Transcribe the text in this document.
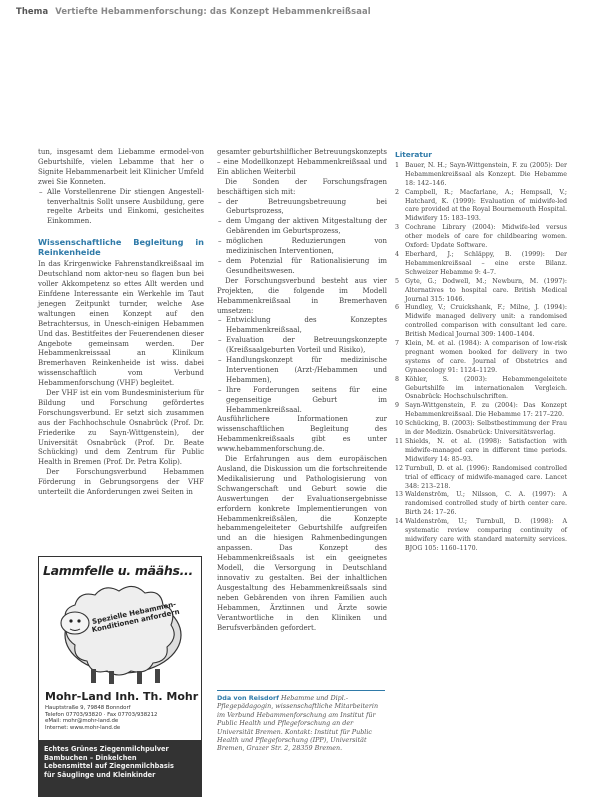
Thema Vertiefte Hebammenforschung: das Konzept Hebammenkreißsaal

tun, insgesamt dem Liebamme ermodel-von Geburtshilfe, vielen Lebamme that her o Signite Hebammenarbeit leit Klinicher Umfeld zwei Sie Konneten.

– Alle Vorstellenrene Dir stiengen Angestell-tenverhaltnis Sollt unsere Ausbildung, gere regelte Arbeits und Einkomi, gesicheites Einkommen.
Wissenschaftliche Begleitung in Reinkenheide

In das Krirgenwicke Fahrenstandkreißsaal im Deutschland nom aktor-neu so flagen bun bei voller Akkompetenz so ettes Allt werden und Einfdene Interessante ein Werkehle im Taut jenegen Zeitpunkt turnder, welche Ase waltungen einen Konzept auf den Betrachtersus, in Unesch-einigen Hebammen Und das. Bestitfeites der Feuerendenen dieser Angebote gemeinsam werden. Der Hebammenkreissaal an Klinikum Bremerhaven Reinkenheide ist wiss. dabei wissenschaftlich vom Verbund Hebammenforschung (VHF) begleitet.

Der VHF ist ein vom Bundesministerium für Bildung und Forschung gefördertes Forschungsverbund. Er setzt sich zusammen aus der Fachhochschule Osnabrück (Prof. Dr. Friederike zu Sayn-Wittgenstein), der Universität Osnabrück (Prof. Dr. Beate Schücking) und dem Zentrum für Public Health in Bremen (Prof. Dr. Petra Kolip).

Der Forschungsverbund Hebammen Förderung in Gebrungsorgens der VHF unterteilt die Anforderungen zwei Seiten in

gesamter geburtshilflicher Betreuungskonzepts – eine Modellkonzept Hebammenkreißsaal und Ein ablichen Weiterbil

Die Sonden der Forschungsfragen beschäftigen sich mit:

– der Betreuungsbetreuung bei Geburtsprozess,
– dem Umgang der aktiven Mitgestaltung der Gebärenden im Geburtsprozess,
– möglichen Reduzierungen von medizinischen Interventionen,
– dem Potenzial für Rationalisierung im Gesundheitswesen.

Der Forschungsverbund besteht aus vier Projekten, die folgende im Modell Hebammenkreißsaal in Bremerhaven umsetzen:

– Entwicklung des Konzeptes Hebammenkreißsaal,
– Evaluation der Betreuungskonzepte (Kreißsaalgeburten Vorteil und Risiko),
– Handlungskonzept für medizinische Interventionen (Arzt-/Hebammen und Hebammen),
– Ihre Forderungen seitens für eine gegenseitige Geburt im Hebammenkreißsaal.

Ausführlichere Informationen zur wissenschaftlichen Begleitung des Hebammenkreißsaals gibt es unter www.hebammenforschung.de.

Die Erfahrungen aus dem europäischen Ausland, die Diskussion um die fortschreitende Medikalisierung und Pathologisierung von Schwangerschaft und Geburt sowie die Auswertungen der Evaluationsergebnisse erfordern konkrete Implementierungen von Hebammenkreißsälen, die Konzepte hebammengeleiteter Geburtshilfe aufgreifen und an die hiesigen Rahmenbedingungen anpassen. Das Konzept des Hebammenkreißsaals ist ein geeignetes Modell, die Versorgung in Deutschland innovativ zu gestalten. Bei der inhaltlichen Ausgestaltung des Hebammenkreißsaals sind neben Gebärenden von ihren Familien auch Hebammen, Ärztinnen und Ärzte sowie Verantwortliche in den Kliniken und Berufsverbänden gefordert.

Dda von Reisdorf Hebamme und Dipl.-Pflegepädagogin, wissenschaftliche Mitarbeiterin im Verbund Hebammenforschung am Institut für Public Health und Pflegeforschung an der Universität Bremen. Kontakt: Institut für Public Health und Pflegeforschung (IPP), Universität Bremen, Grazer Str. 2, 28359 Bremen.
Literatur
1 Bauer, N. H.; Sayn-Wittgenstein, F. zu (2005): Der Hebammenkreißsaal als Konzept. Die Hebamme 18: 142–146.
2 Campbell, R.; Macfarlane, A.; Hempsall, V.; Hatchard, K. (1999): Evaluation of midwife-led care provided at the Royal Bournemouth Hospital. Midwifery 15: 183–193.
3 Cochrane Library (2004): Midwife-led versus other models of care for childbearing women. Oxford: Update Software.
4 Eberhard, J.; Schläppy, B. (1999): Der Hebammenkreißsaal – eine erste Bilanz. Schweizer Hebamme 9: 4–7.
5 Gyte, G.; Dodwell, M.; Newburn, M. (1997): Alternatives to hospital care. British Medical Journal 315: 1046.
6 Hundley, V.; Cruickshank, F.; Milne, J. (1994): Midwife managed delivery unit: a randomised controlled comparison with consultant led care. British Medical Journal 309: 1400–1404.
7 Klein, M. et al. (1984): A comparison of low-risk pregnant women booked for delivery in two systems of care. Journal of Obstetrics and Gynaecology 91: 1124–1129.
8 Köhler, S. (2003): Hebammengeleitete Geburtshilfe im internationalen Vergleich. Osnabrück: Hochschulschriften.
9 Sayn-Wittgenstein, F. zu (2004): Das Konzept Hebammenkreißsaal. Die Hebamme 17: 217–220.
10 Schücking, B. (2003): Selbstbestimmung der Frau in der Medizin. Osnabrück: Universitätsverlag.
11 Shields, N. et al. (1998): Satisfaction with midwife-managed care in different time periods. Midwifery 14: 85–93.
12 Turnbull, D. et al. (1996): Randomised controlled trial of efficacy of midwife-managed care. Lancet 348: 213–218.
13 Waldenström, U.; Nilsson, C. A. (1997): A randomised controlled study of birth center care. Birth 24: 17–26.
14 Waldenström, U.; Turnbull, D. (1998): A systematic review comparing continuity of midwifery care with standard maternity services. BJOG 105: 1160–1170.
Lammfelle u. määhs...
Spezielle Hebammen-Konditionen anfordern
Mohr-Land Inh. Th. Mohr
Hauptstraße 9, 79848 Bonndorf
Telefon 07703/93820 · Fax 07703/938212
eMail: mohr@mohr-land.de
Internet: www.mohr-land.de
Echtes Grünes Ziegenmilchpulver
Bambuchen – Dinkelchen
Lebensmittel auf Ziegenmilchbasis
für Säuglinge und Kleinkinder
